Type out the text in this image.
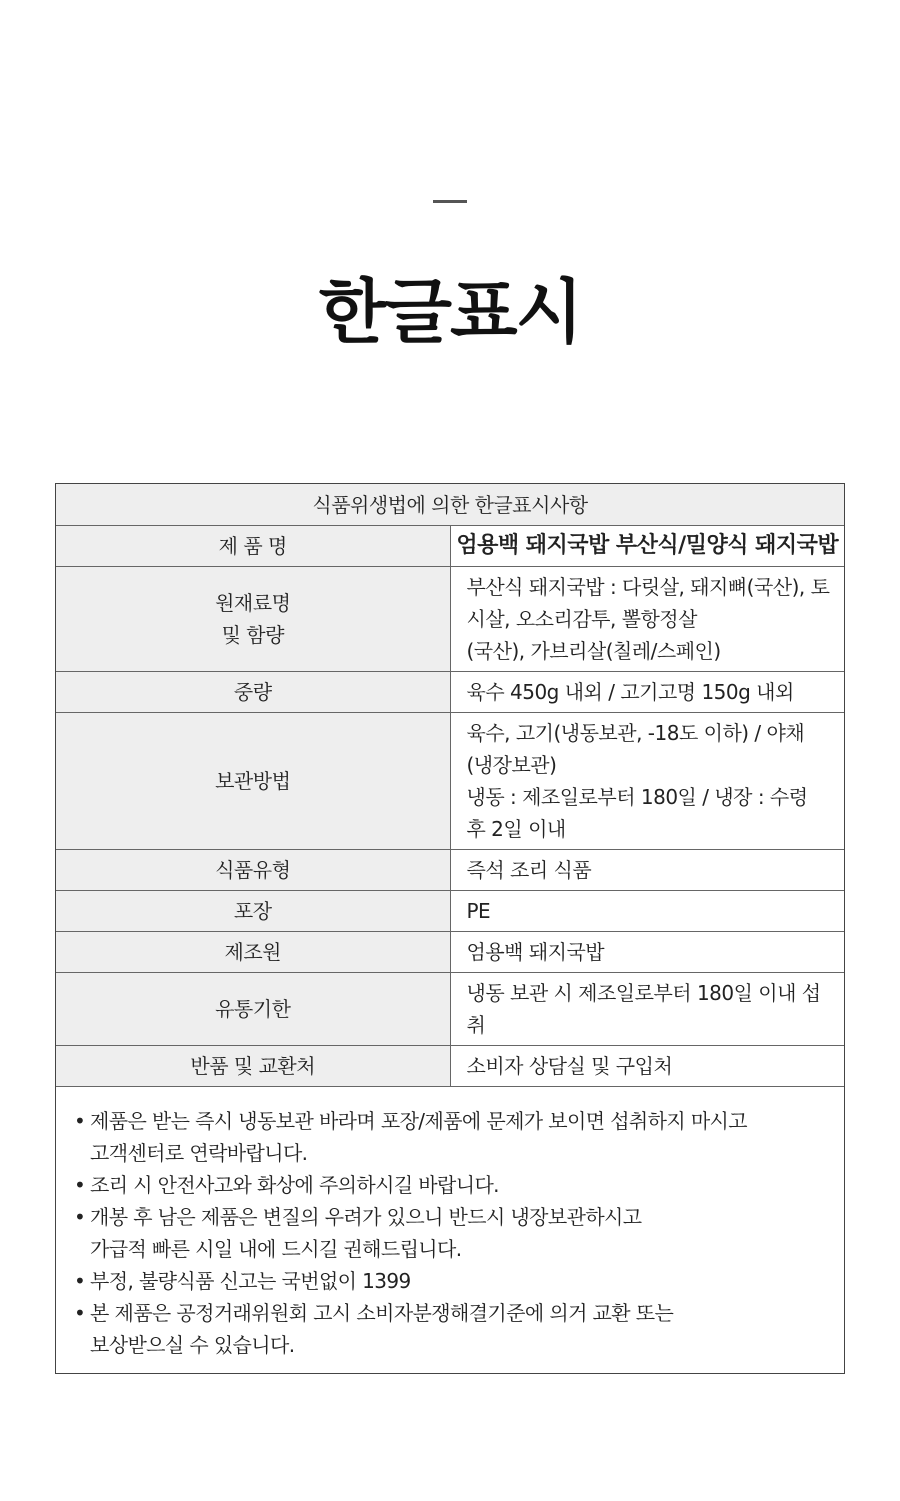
한글표시
식품위생법에 의한 한글표시사항	
제 품 명	엄용백 돼지국밥 부산식/밀양식 돼지국밥

원재료명
및 함량	부산식 돼지국밥 : 다릿살, 돼지뼈(국산), 토시살, 오소리감투, 뽈항정살
(국산), 가브리살(칠레/스페인)

중량	육수 450g 내외 / 고기고명 150g 내외
보관방법	육수, 고기(냉동보관, -18도 이하) / 야채(냉장보관)
냉동 : 제조일로부터 180일 / 냉장 : 수령 후 2일 이내

식품유형	즉석 조리 식품
포장	PE
제조원	엄용백 돼지국밥
유통기한	냉동 보관 시 제조일로부터 180일 이내 섭취
반품 및 교환처	소비자 상담실 및 구입처
• 제품은 받는 즉시 냉동보관 바라며 포장/제품에 문제가 보이면 섭취하지 마시고
고객센터로 연락바랍니다.
• 조리 시 안전사고와 화상에 주의하시길 바랍니다.
• 개봉 후 남은 제품은 변질의 우려가 있으니 반드시 냉장보관하시고
가급적 빠른 시일 내에 드시길 권해드립니다.
• 부정, 불량식품 신고는 국번없이 1399
• 본 제품은 공정거래위원회 고시 소비자분쟁해결기준에 의거 교환 또는
보상받으실 수 있습니다.
